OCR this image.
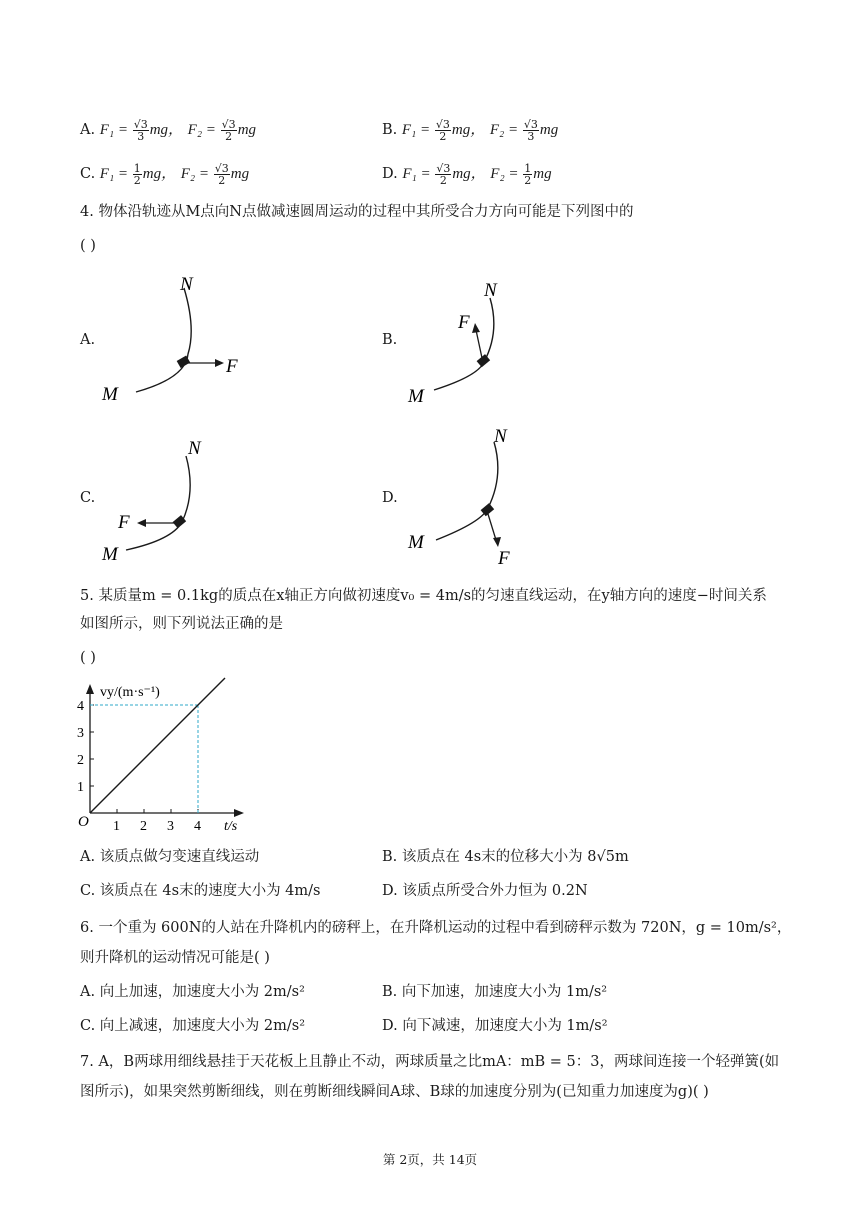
A. $F_1 = \frac{√3}{3}$ mg， $F_2 = \frac{√3}{2}$ mg	B. $F_1 = \frac{√3}{2}$ mg， $F_2 = \frac{√3}{3}$ mg
C. $F_1 = \frac{1}{2}$ mg， $F_2 = \frac{√3}{2}$ mg	D. $F_1 = \frac{√3}{2}$ mg， $F_2 = \frac{1}{2}$ mg
4. 物体沿轨迹从M点向N点做减速圆周运动的过程中其所受合力方向可能是下列图中的
( )
A.
N
F
M
B.
N
F
M
C.
N
F
M
D.
N
F
M
5. 某质量m = 0.1kg的质点在x轴正方向做初速度v₀ = 4m/s的匀速直线运动，在y轴方向的速度−时间关系
如图所示，则下列说法正确的是
( )
vy/(m·s⁻¹)
t/s
O 1 2 3 4
1
2
3
4
A. 该质点做匀变速直线运动	B. 该质点在 4s末的位移大小为 8√5m
C. 该质点在 4s末的速度大小为 4m/s	D. 该质点所受合外力恒为 0.2N
6. 一个重为 600N的人站在升降机内的磅秤上，在升降机运动的过程中看到磅秤示数为 720N，g = 10m/s²，
则升降机的运动情况可能是( )
A. 向上加速，加速度大小为 2m/s²	B. 向下加速，加速度大小为 1m/s²
C. 向上减速，加速度大小为 2m/s²	D. 向下减速，加速度大小为 1m/s²
7. A，B两球用细线悬挂于天花板上且静止不动，两球质量之比mA：mB = 5：3，两球间连接一个轻弹簧(如
图所示)，如果突然剪断细线，则在剪断细线瞬间A球、B球的加速度分别为(已知重力加速度为g)( )
第 2页，共 14页
